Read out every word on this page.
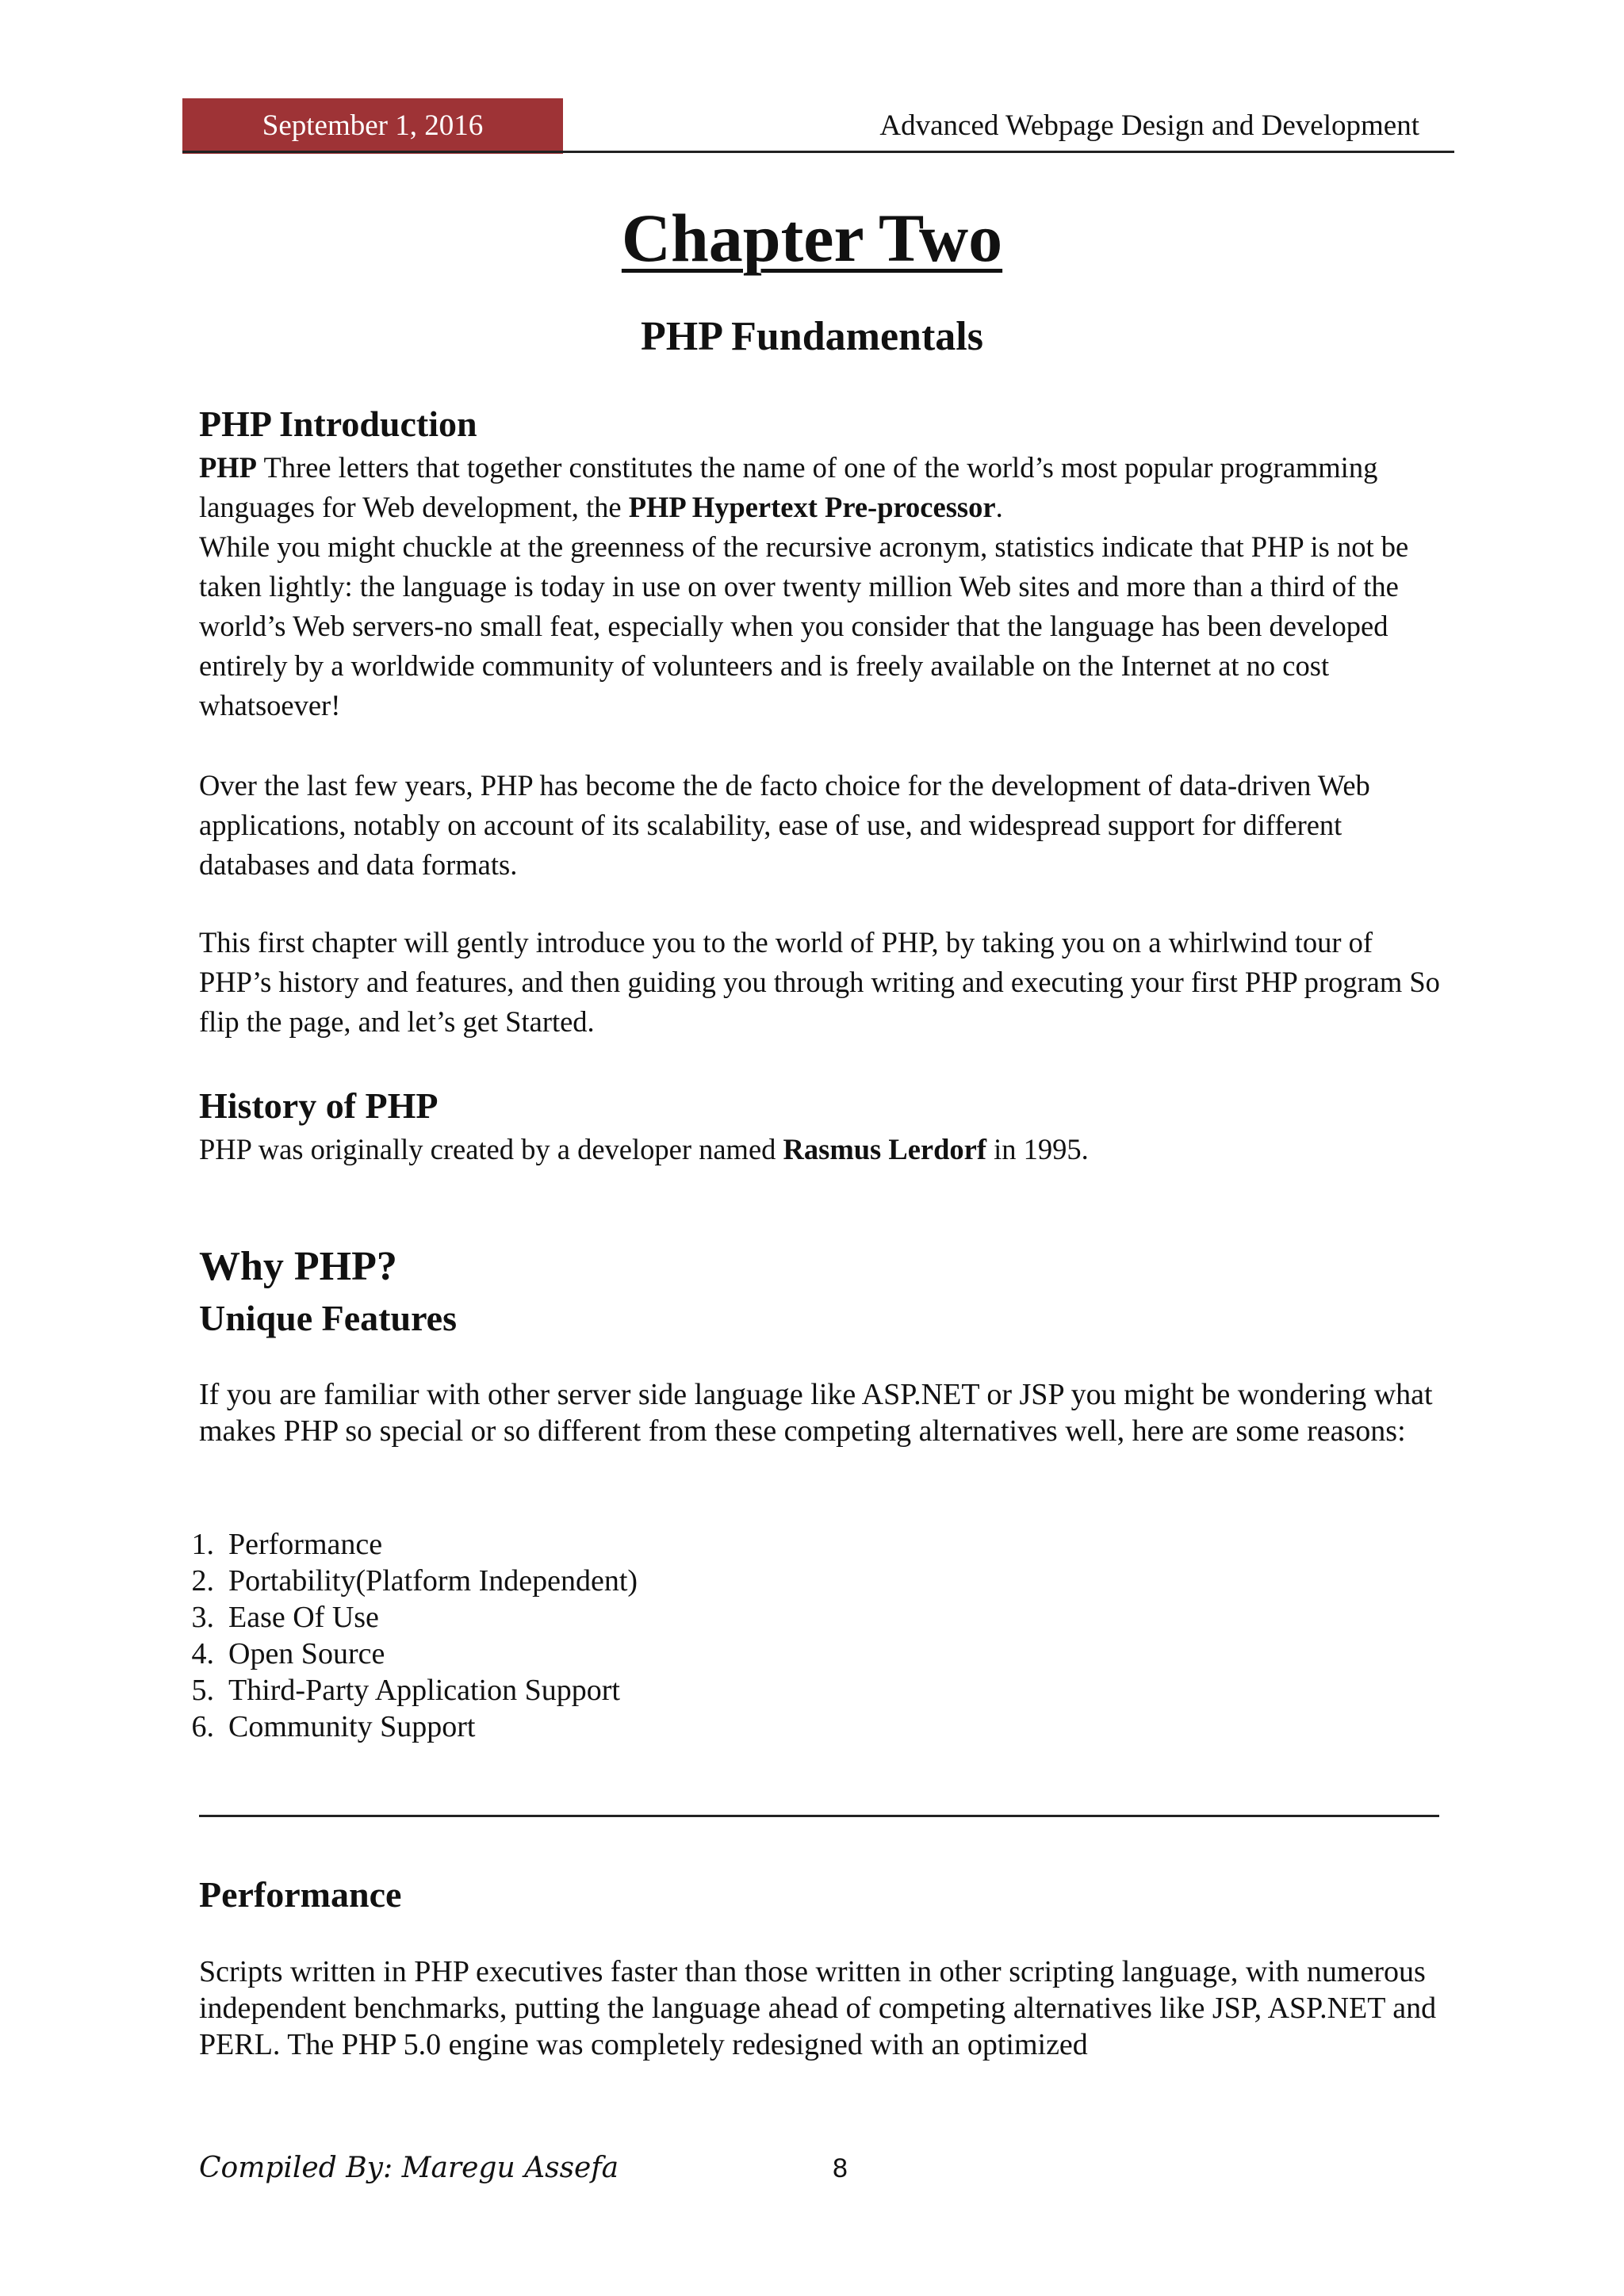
September 1, 2016	Advanced Webpage Design and Development
Chapter Two
PHP Fundamentals
PHP Introduction

PHP Three letters that together constitutes the name of one of the world’s most popular programming languages for Web development, the PHP Hypertext Pre-processor.

While you might chuckle at the greenness of the recursive acronym, statistics indicate that PHP is not be taken lightly: the language is today in use on over twenty million Web sites and more than a third of the world’s Web servers-no small feat, especially when you consider that the language has been developed entirely by a worldwide community of volunteers and is freely available on the Internet at no cost whatsoever!

Over the last few years, PHP has become the de facto choice for the development of data-driven Web applications, notably on account of its scalability, ease of use, and widespread support for different databases and data formats.

This first chapter will gently introduce you to the world of PHP, by taking you on a whirlwind tour of PHP’s history and features, and then guiding you through writing and executing your first PHP program So flip the page, and let’s get Started.

History of PHP

PHP was originally created by a developer named Rasmus Lerdorf in 1995.

Why PHP?
Unique Features

If you are familiar with other server side language like ASP.NET or JSP you might be wondering what makes PHP so special or so different from these competing alternatives well, here are some reasons:

1. Performance
2. Portability(Platform Independent)
3. Ease Of Use
4. Open Source
5. Third-Party Application Support
6. Community Support
Performance

Scripts written in PHP executives faster than those written in other scripting language, with numerous independent benchmarks, putting the language ahead of competing alternatives like JSP, ASP.NET and PERL. The PHP 5.0 engine was completely redesigned with an optimized

Compiled By: Maregu Assefa	8
